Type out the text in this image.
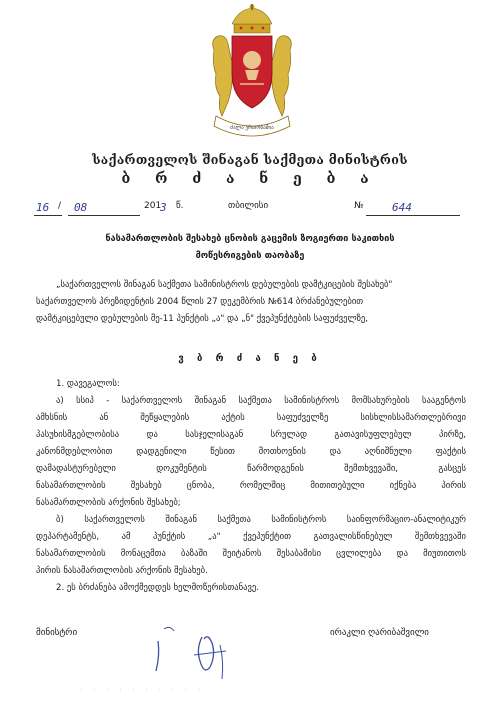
ძალა ერთობაშია
საქართველოს შინაგან საქმეთა მინისტრის
ბ რ ძ ა ნ ე ბ ა
16 / 08	201
3 წ.	თბილისი	№	644
ნასამართლობის შესახებ ცნობის გაცემის ზოგიერთი საკითხის
მოწესრიგების თაობაზე
„საქართველოს შინაგან საქმეთა სამინისტროს დებულების დამტკიცების შესახებ"
საქართველოს პრეზიდენტის 2004 წლის 27 დეკემბრის №614 ბრძანებულებით
დამტკიცებული დებულების მე-11 პუნქტის „ა" და „ნ" ქვეპუნქტების საფუძველზე,
ვ ბ რ ძ ა ნ ე ბ
1. დავეგალოს:
ა) სსიპ - საქართველოს შინაგან საქმეთა სამინისტროს მომსახურების სააგენტოს
ამხსნის ან შეწყალების აქტის საფუძველზე სისხლისსამართლებრივი
პასუხისმგებლობისა და სასჯელისაგან სრულად გათავისუფლებულ პირზე,
კანონმდებლობით დადგენილი წესით მოთხოვნის და აღნიშნული ფაქტის
დამადასტურებელი დოკუმენტის წარმოდგენის შემთხვევაში, გასცეს
ნასამართლობის შესახებ ცნობა, რომელშიც მითითებული იქნება პირის
ნასამართლობის არქონის შესახებ;
ბ) საქართველოს შინაგან საქმეთა სამინისტროს საინფორმაციო-ანალიტიკურ
დეპარტამენტს, ამ პუნქტის „ა" ქვეპუნქტით გათვალისწინებულ შემთხვევაში
ნასამართლობის მონაცემთა ბაზაში შეიტანოს შესაბამისი ცვლილება და მიუთითოს
პირის ნასამართლობის არქონის შესახებ.
2. ეს ბრძანება ამოქმედდეს ხელმოწერისთანავე.
მინისტრი	ირაკლი ღარიბაშვილი
· · · · · · · · · ·
